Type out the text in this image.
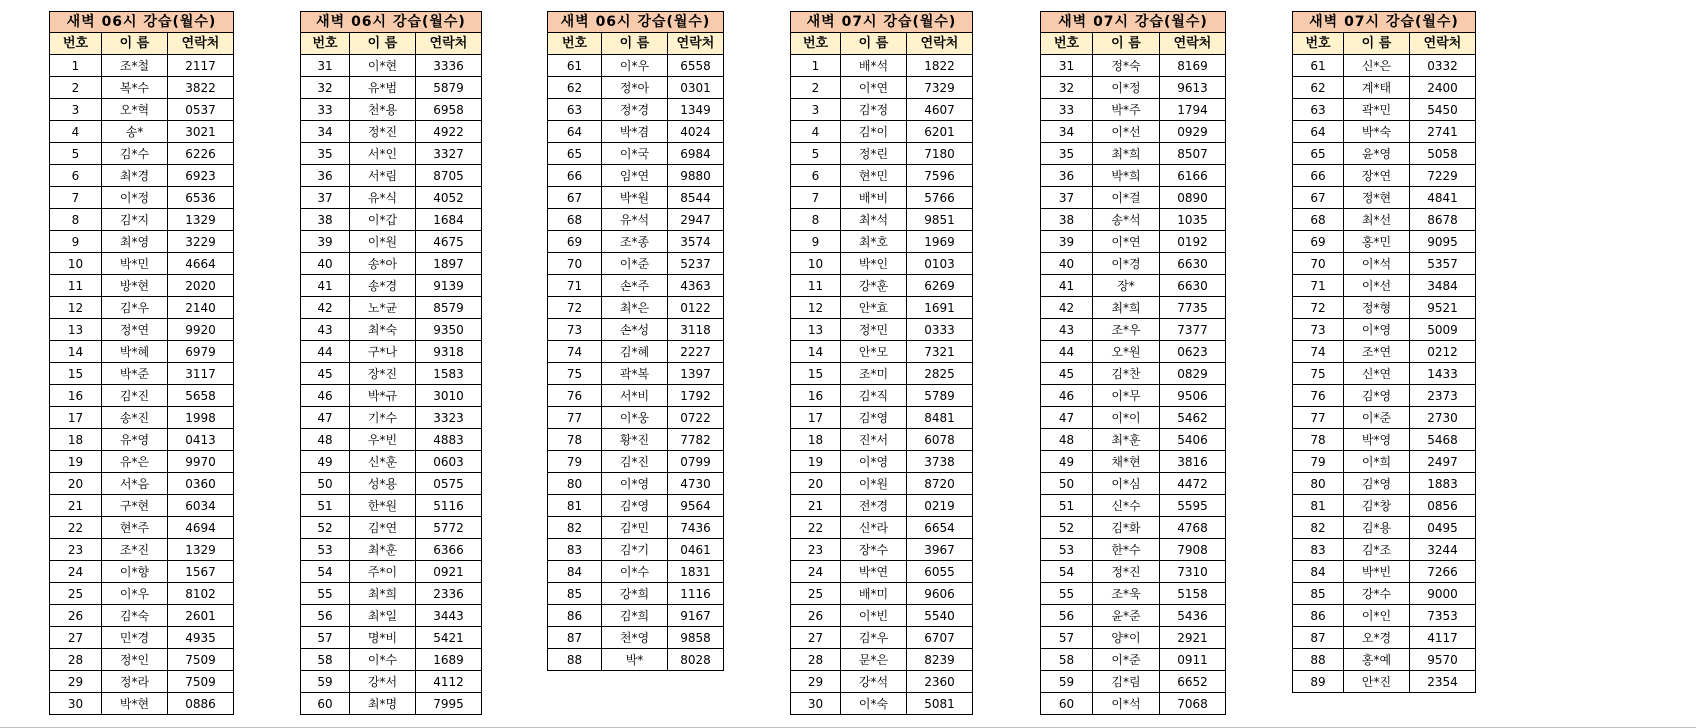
새벽 06시 강습(월수)		
번호	이 름	연락처
1	조*철	2117
2	복*수	3822
3	오*혁	0537
4	송*	3021
5	김*수	6226
6	최*경	6923
7	이*정	6536
8	김*지	1329
9	최*영	3229
10	박*민	4664
11	방*현	2020
12	김*우	2140
13	정*연	9920
14	박*혜	6979
15	박*준	3117
16	김*진	5658
17	송*진	1998
18	유*영	0413
19	유*은	9970
20	서*음	0360
21	구*현	6034
22	현*주	4694
23	조*진	1329
24	이*향	1567
25	이*우	8102
26	김*숙	2601
27	민*경	4935
28	정*인	7509
29	정*라	7509
30	박*현	0886
새벽 06시 강습(월수)		
번호	이 름	연락처
31	이*현	3336
32	유*범	5879
33	천*용	6958
34	정*진	4922
35	서*인	3327
36	서*림	8705
37	유*식	4052
38	이*갑	1684
39	이*원	4675
40	송*아	1897
41	송*경	9139
42	노*균	8579
43	최*숙	9350
44	구*나	9318
45	장*진	1583
46	박*규	3010
47	기*수	3323
48	우*빈	4883
49	신*훈	0603
50	성*용	0575
51	한*원	5116
52	김*연	5772
53	최*훈	6366
54	주*이	0921
55	최*희	2336
56	최*일	3443
57	명*비	5421
58	이*수	1689
59	강*서	4112
60	최*명	7995
새벽 06시 강습(월수)		
번호	이 름	연락처
61	이*우	6558
62	정*아	0301
63	정*경	1349
64	박*겸	4024
65	이*국	6984
66	임*연	9880
67	박*원	8544
68	유*석	2947
69	조*종	3574
70	이*준	5237
71	손*주	4363
72	최*은	0122
73	손*성	3118
74	김*혜	2227
75	곽*복	1397
76	서*비	1792
77	이*웅	0722
78	황*진	7782
79	김*진	0799
80	이*영	4730
81	김*영	9564
82	김*민	7436
83	김*기	0461
84	이*수	1831
85	강*희	1116
86	김*희	9167
87	천*영	9858
88	박*	8028
새벽 07시 강습(월수)		
번호	이 름	연락처
1	배*석	1822
2	이*연	7329
3	김*정	4607
4	김*이	6201
5	정*린	7180
6	현*민	7596
7	배*비	5766
8	최*석	9851
9	최*호	1969
10	박*인	0103
11	강*훈	6269
12	안*효	1691
13	정*민	0333
14	안*모	7321
15	조*미	2825
16	김*직	5789
17	김*영	8481
18	진*서	6078
19	이*영	3738
20	이*원	8720
21	전*경	0219
22	신*라	6654
23	장*수	3967
24	박*연	6055
25	배*미	9606
26	이*빈	5540
27	김*우	6707
28	문*은	8239
29	강*석	2360
30	이*숙	5081
새벽 07시 강습(월수)		
번호	이 름	연락처
31	정*숙	8169
32	이*정	9613
33	박*주	1794
34	이*선	0929
35	최*희	8507
36	박*희	6166
37	이*걸	0890
38	송*석	1035
39	이*연	0192
40	이*경	6630
41	장*	6630
42	최*희	7735
43	조*우	7377
44	오*원	0623
45	김*찬	0829
46	이*무	9506
47	이*이	5462
48	최*훈	5406
49	채*현	3816
50	이*심	4472
51	신*수	5595
52	김*화	4768
53	한*수	7908
54	정*진	7310
55	조*욱	5158
56	윤*준	5436
57	양*이	2921
58	이*준	0911
59	김*림	6652
60	이*석	7068
새벽 07시 강습(월수)		
번호	이 름	연락처
61	신*은	0332
62	계*태	2400
63	곽*민	5450
64	박*숙	2741
65	윤*영	5058
66	장*연	7229
67	정*현	4841
68	최*선	8678
69	홍*민	9095
70	이*석	5357
71	이*선	3484
72	정*형	9521
73	이*영	5009
74	조*연	0212
75	신*연	1433
76	김*영	2373
77	이*준	2730
78	박*영	5468
79	이*희	2497
80	김*영	1883
81	김*창	0856
82	김*용	0495
83	김*조	3244
84	박*빈	7266
85	강*수	9000
86	이*인	7353
87	오*경	4117
88	홍*예	9570
89	안*진	2354
